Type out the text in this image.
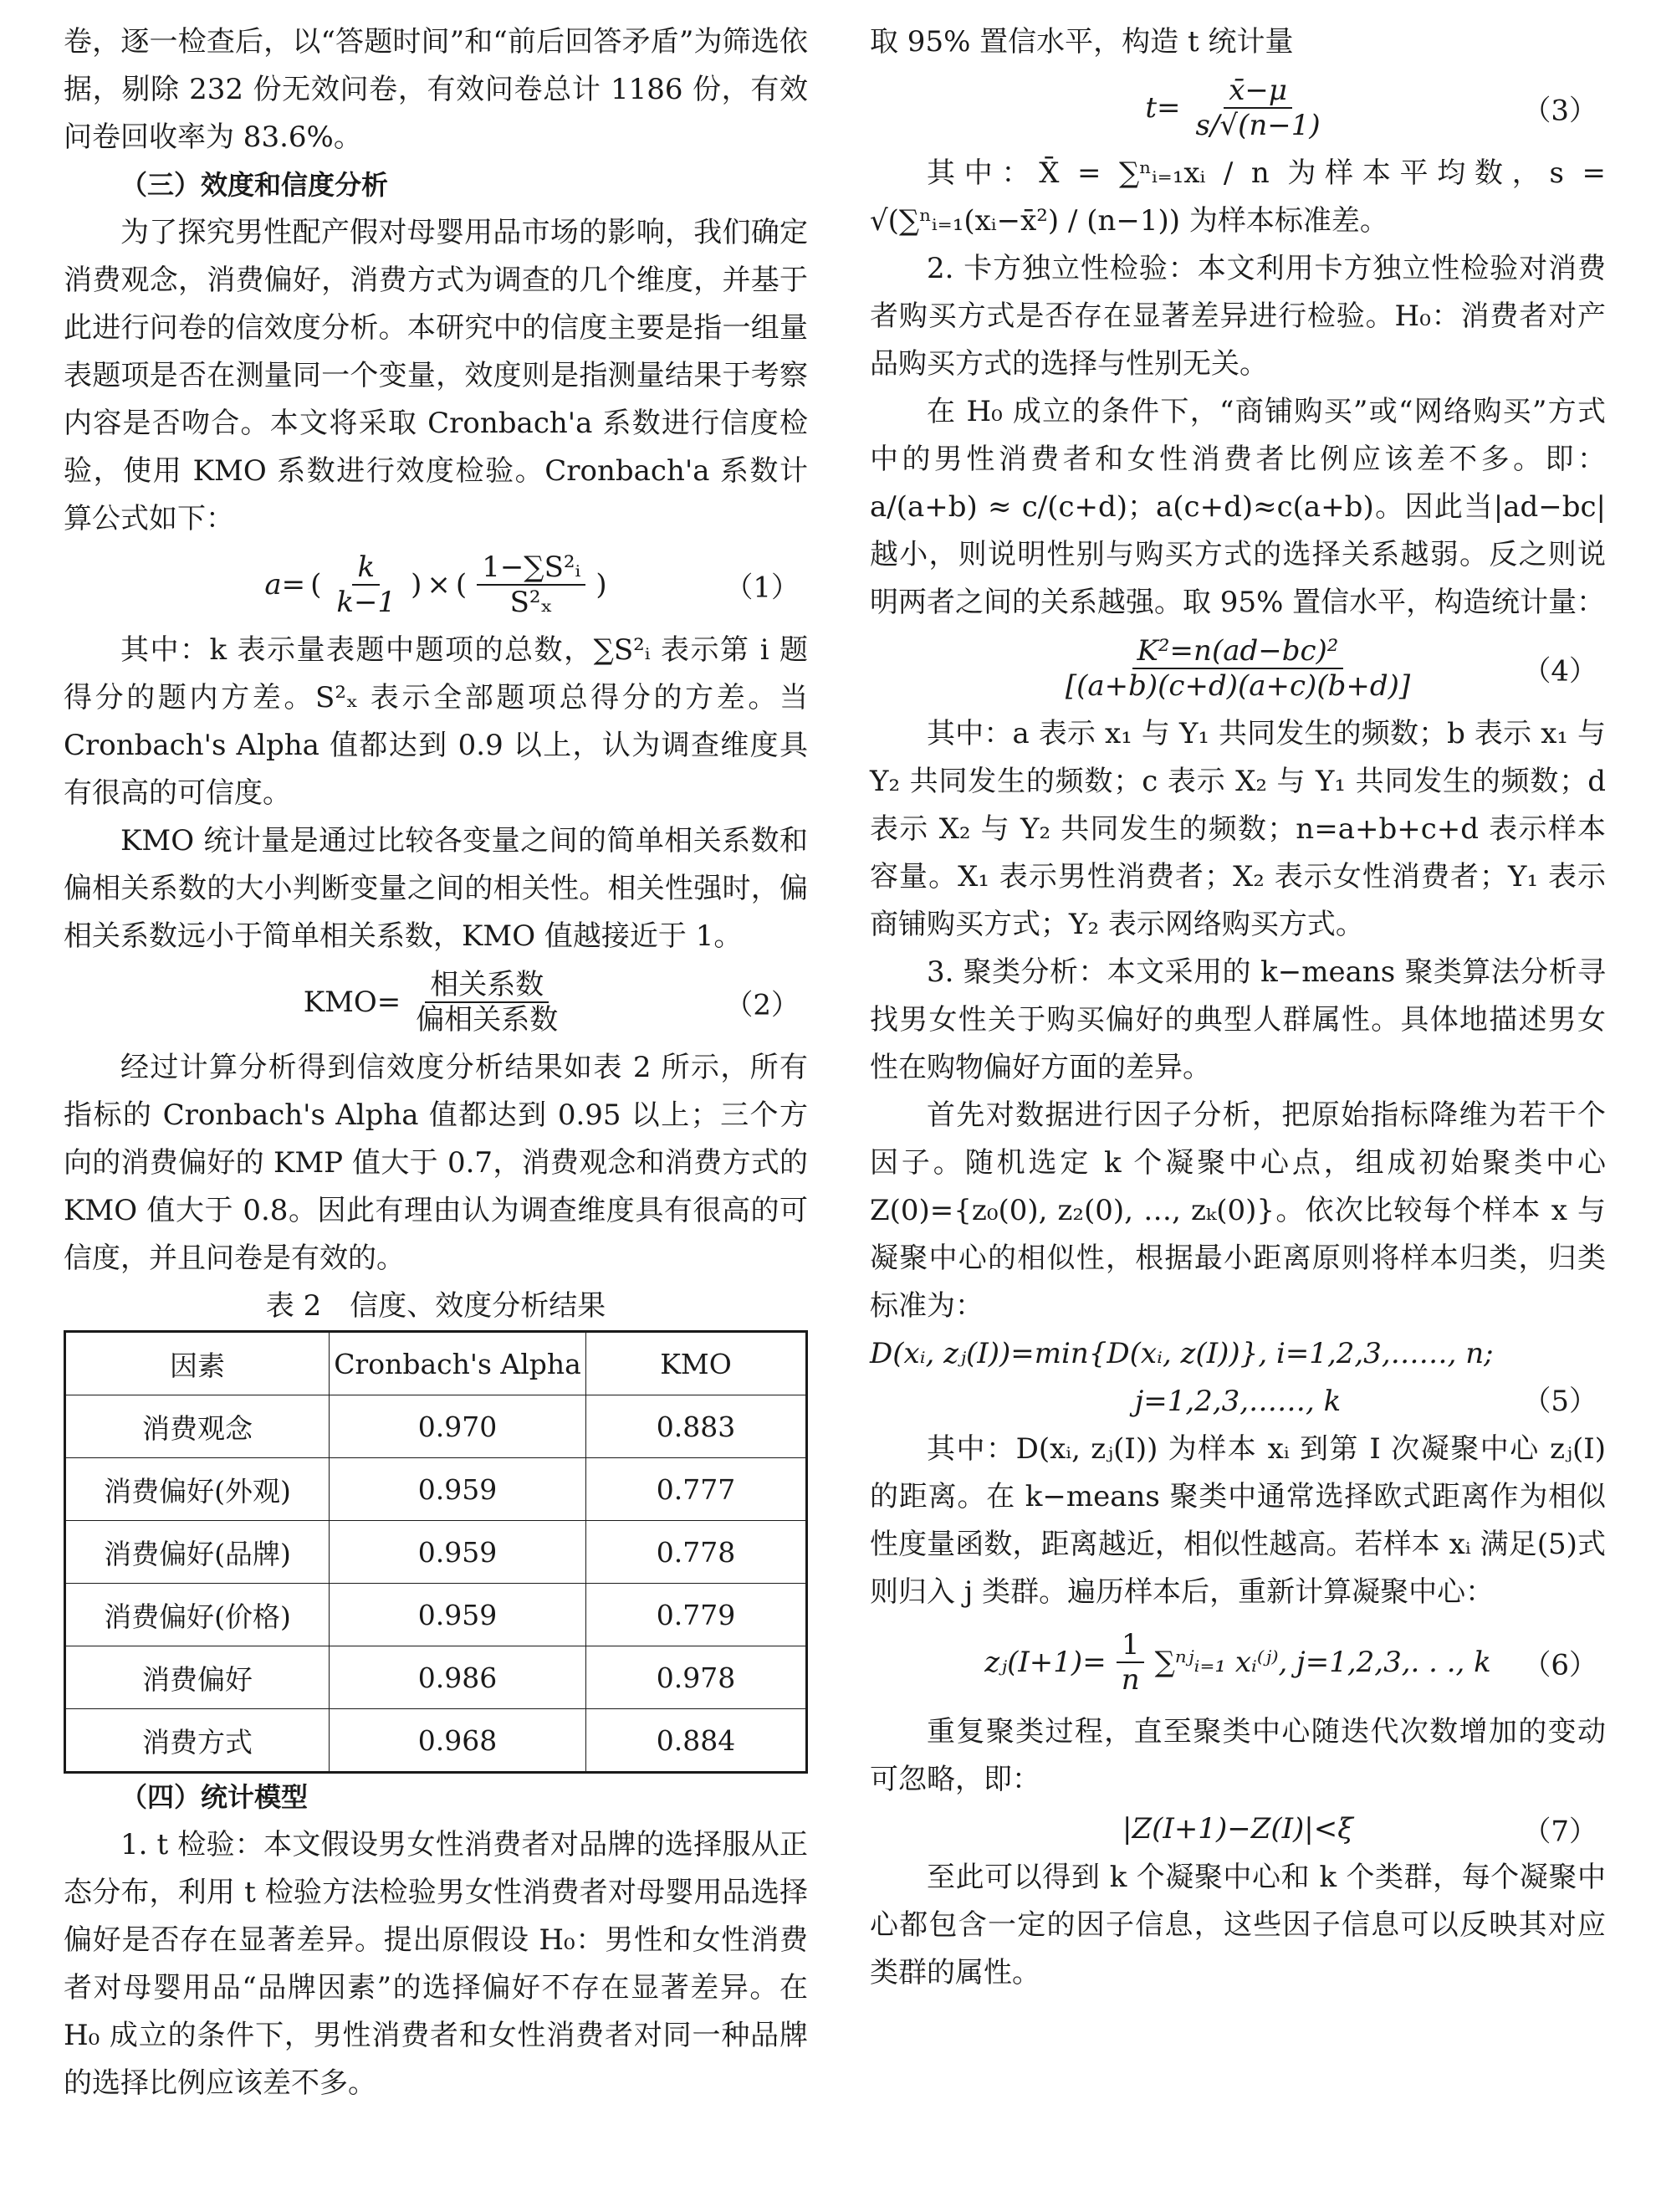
卷，逐一检查后，以“答题时间”和“前后回答矛盾”为筛选依据，剔除 232 份无效问卷，有效问卷总计 1186 份，有效问卷回收率为 83.6%。

（三）效度和信度分析

为了探究男性配产假对母婴用品市场的影响，我们确定消费观念，消费偏好，消费方式为调查的几个维度，并基于此进行问卷的信效度分析。本研究中的信度主要是指一组量表题项是否在测量同一个变量，效度则是指测量结果于考察内容是否吻合。本文将采取 Cronbach'a 系数进行信度检验，使用 KMO 系数进行效度检验。Cronbach'a 系数计算公式如下：

a= ( $\frac{k}{k-1}$ ) × ( $\frac{\text{1−∑S²ᵢ}}{\text{S²ₓ}}$ )	（1）

其中：k 表示量表题中题项的总数，∑S²ᵢ 表示第 i 题得分的题内方差。S²ₓ 表示全部题项总得分的方差。当 Cronbach's Alpha 值都达到 0.9 以上，认为调查维度具有很高的可信度。

KMO 统计量是通过比较各变量之间的简单相关系数和偏相关系数的大小判断变量之间的相关性。相关性强时，偏相关系数远小于简单相关系数，KMO 值越接近于 1。

$KMO= \frac{\text{相关系数}}{\text{偏相关系数}}$	（2）

经过计算分析得到信效度分析结果如表 2 所示，所有指标的 Cronbach's Alpha 值都达到 0.95 以上；三个方向的消费偏好的 KMP 值大于 0.7，消费观念和消费方式的 KMO 值大于 0.8。因此有理由认为调查维度具有很高的可信度，并且问卷是有效的。

表 2　信度、效度分析结果
因素	Cronbach's Alpha	KMO
消费观念	0.970	0.883
消费偏好(外观)	0.959	0.777
消费偏好(品牌)	0.959	0.778
消费偏好(价格)	0.959	0.779
消费偏好	0.986	0.978
消费方式	0.968	0.884
（四）统计模型

1. t 检验：本文假设男女性消费者对品牌的选择服从正态分布，利用 t 检验方法检验男女性消费者对母婴用品选择偏好是否存在显著差异。提出原假设 H₀：男性和女性消费者对母婴用品“品牌因素”的选择偏好不存在显著差异。在 H₀ 成立的条件下，男性消费者和女性消费者对同一种品牌的选择比例应该差不多。

取 95% 置信水平，构造 t 统计量

$t= \frac{x̄-\mu}{s/√(n-1)}$	（3）

其中：X̄ = ∑ⁿᵢ₌₁xᵢ / n 为样本平均数，s = √(∑ⁿᵢ₌₁(xᵢ−x̄²) / (n−1)) 为样本标准差。

2. 卡方独立性检验：本文利用卡方独立性检验对消费者购买方式是否存在显著差异进行检验。H₀：消费者对产品购买方式的选择与性别无关。

在 H₀ 成立的条件下，“商铺购买”或“网络购买”方式中的男性消费者和女性消费者比例应该差不多。即：a/(a+b) ≈ c/(c+d)；a(c+d)≈c(a+b)。因此当|ad−bc|越小，则说明性别与购买方式的选择关系越弱。反之则说明两者之间的关系越强。取 95% 置信水平，构造统计量：

$\frac{\text{K²=n(ad−bc)²}}{[(a+b)(c+d)(a+c)(b+d)]}$	（4）

其中：a 表示 x₁ 与 Y₁ 共同发生的频数；b 表示 x₁ 与 Y₂ 共同发生的频数；c 表示 X₂ 与 Y₁ 共同发生的频数；d 表示 X₂ 与 Y₂ 共同发生的频数；n=a+b+c+d 表示样本容量。X₁ 表示男性消费者；X₂ 表示女性消费者；Y₁ 表示商铺购买方式；Y₂ 表示网络购买方式。

3. 聚类分析：本文采用的 k−means 聚类算法分析寻找男女性关于购买偏好的典型人群属性。具体地描述男女性在购物偏好方面的差异。

首先对数据进行因子分析，把原始指标降维为若干个因子。随机选定 k 个凝聚中心点，组成初始聚类中心 Z(0)={z₀(0), z₂(0), …, zₖ(0)}。依次比较每个样本 x 与凝聚中心的相似性，根据最小距离原则将样本归类，归类标准为：

D(xᵢ, zⱼ(I))=min{D(xᵢ, z(I))}, i=1,2,3,……, n;

j=1,2,3,……, k	（5）

其中：D(xᵢ, zⱼ(I)) 为样本 xᵢ 到第 I 次凝聚中心 zⱼ(I) 的距离。在 k−means 聚类中通常选择欧式距离作为相似性度量函数，距离越近，相似性越高。若样本 xᵢ 满足(5)式则归入 j 类群。遍历样本后，重新计算凝聚中心：

zⱼ(I+1)= $\frac{1}{n}$ ∑ⁿʲᵢ₌₁ xᵢ⁽ʲ⁾, j=1,2,3,. . ., k （6）

重复聚类过程，直至聚类中心随迭代次数增加的变动可忽略，即：

|Z(I+1)−Z(I)|<ξ	（7）

至此可以得到 k 个凝聚中心和 k 个类群，每个凝聚中心都包含一定的因子信息，这些因子信息可以反映其对应类群的属性。
